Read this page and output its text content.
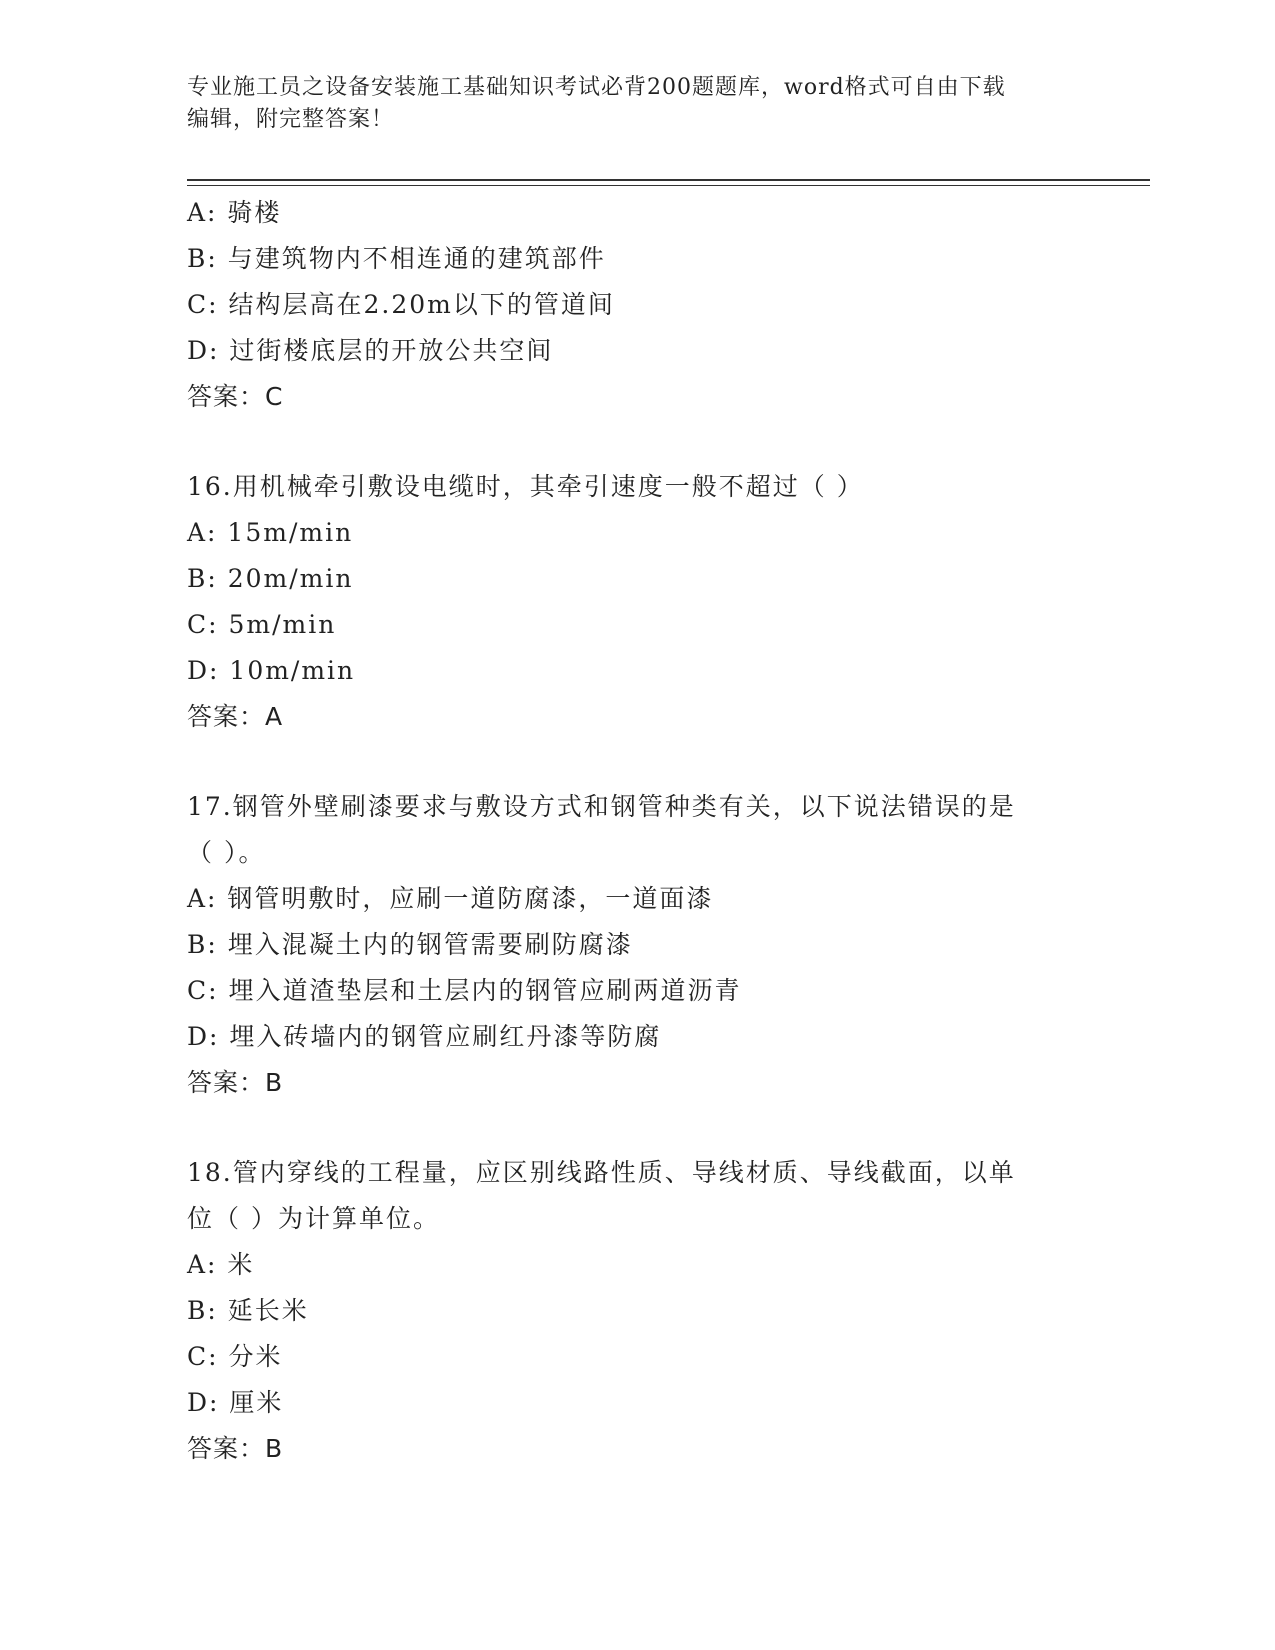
专业施工员之设备安装施工基础知识考试必背200题题库，word格式可自由下载
编辑，附完整答案！
A: 骑楼
B: 与建筑物内不相连通的建筑部件
C: 结构层高在2.20m以下的管道间
D: 过街楼底层的开放公共空间
答案：C
16.用机械牵引敷设电缆时，其牵引速度一般不超过（ ）
A: 15m/min
B: 20m/min
C: 5m/min
D: 10m/min
答案：A
17.钢管外壁刷漆要求与敷设方式和钢管种类有关，以下说法错误的是
（ ）。
A: 钢管明敷时，应刷一道防腐漆，一道面漆
B: 埋入混凝土内的钢管需要刷防腐漆
C: 埋入道渣垫层和土层内的钢管应刷两道沥青
D: 埋入砖墙内的钢管应刷红丹漆等防腐
答案：B
18.管内穿线的工程量，应区别线路性质、导线材质、导线截面，以单
位（ ）为计算单位。
A: 米
B: 延长米
C: 分米
D: 厘米
答案：B
